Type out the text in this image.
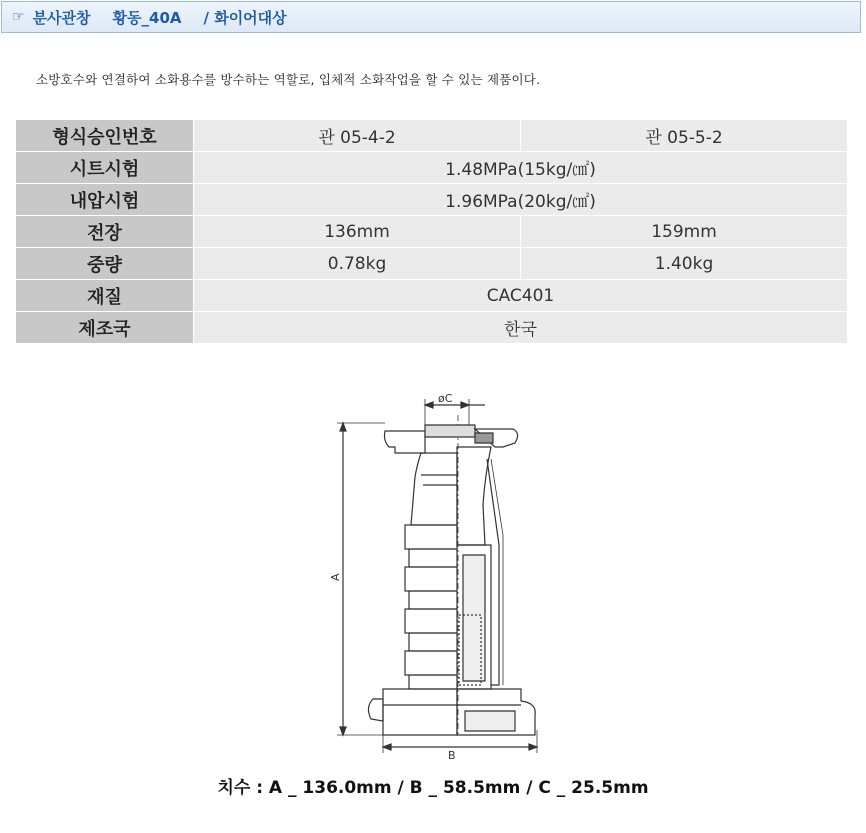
☞ 분사관창 황동_40A / 화이어대상
소방호수와 연결하여 소화용수를 방수하는 역할로, 입체적 소화작업을 할 수 있는 제품이다.
형식승인번호	관 05-4-2	관 05-5-2
시트시험	1.48MPa(15kg/㎠)	
내압시험	1.96MPa(20kg/㎠)	
전장	136mm	159mm
중량	0.78kg	1.40kg
재질	CAC401	
제조국	한국	
A
øC
B
치수 : A _ 136.0mm / B _ 58.5mm / C _ 25.5mm
